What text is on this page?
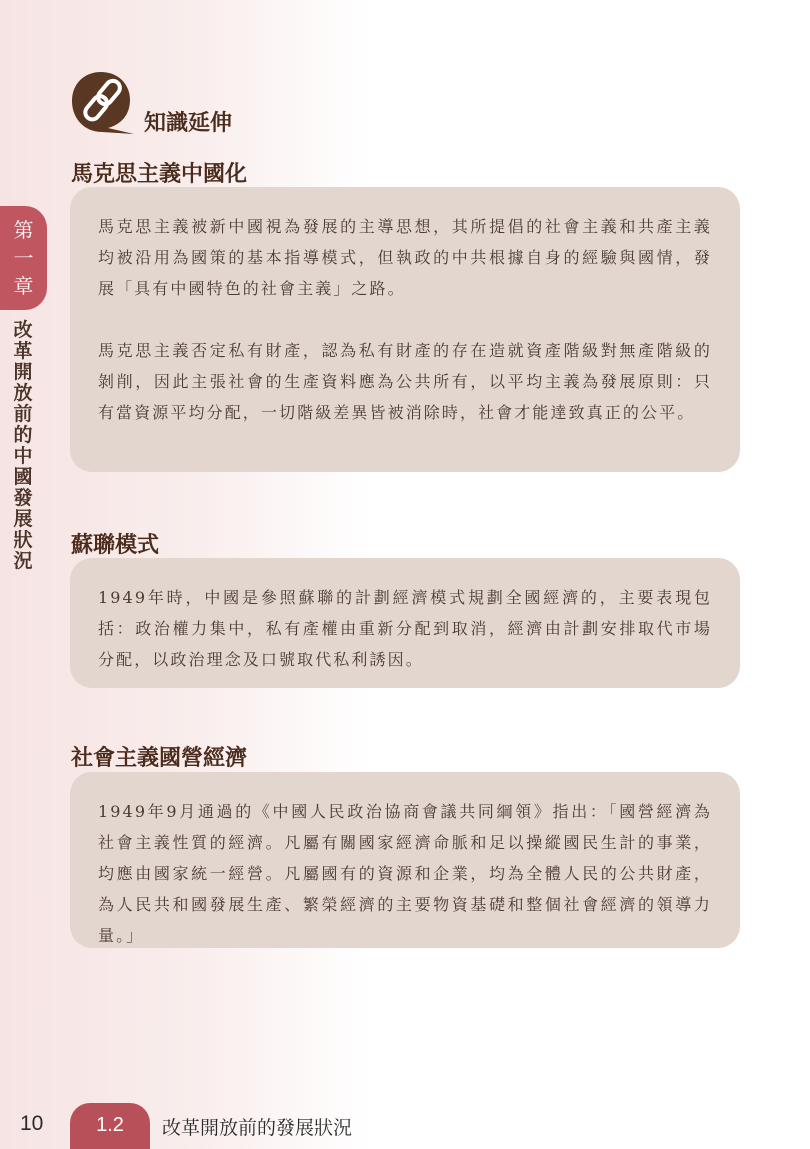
第
一
章
改
革
開
放
前
的
中
國
發
展
狀
況
知識延伸
馬克思主義中國化

馬克思主義被新中國視為發展的主導思想，其所提倡的社會主義和共產主義均被沿用為國策的基本指導模式，但執政的中共根據自身的經驗與國情，發展「具有中國特色的社會主義」之路。

馬克思主義否定私有財產，認為私有財產的存在造就資產階級對無產階級的剝削，因此主張社會的生產資料應為公共所有，以平均主義為發展原則：只有當資源平均分配，一切階級差異皆被消除時，社會才能達致真正的公平。

蘇聯模式

1949年時，中國是參照蘇聯的計劃經濟模式規劃全國經濟的，主要表現包括：政治權力集中，私有產權由重新分配到取消，經濟由計劃安排取代市場分配，以政治理念及口號取代私利誘因。

社會主義國營經濟

1949年9月通過的《中國人民政治協商會議共同綱領》指出：「國營經濟為社會主義性質的經濟。凡屬有關國家經濟命脈和足以操縱國民生計的事業，均應由國家統一經營。凡屬國有的資源和企業，均為全體人民的公共財產，為人民共和國發展生產、繁榮經濟的主要物資基礎和整個社會經濟的領導力量。」

10	1.2	改革開放前的發展狀況
